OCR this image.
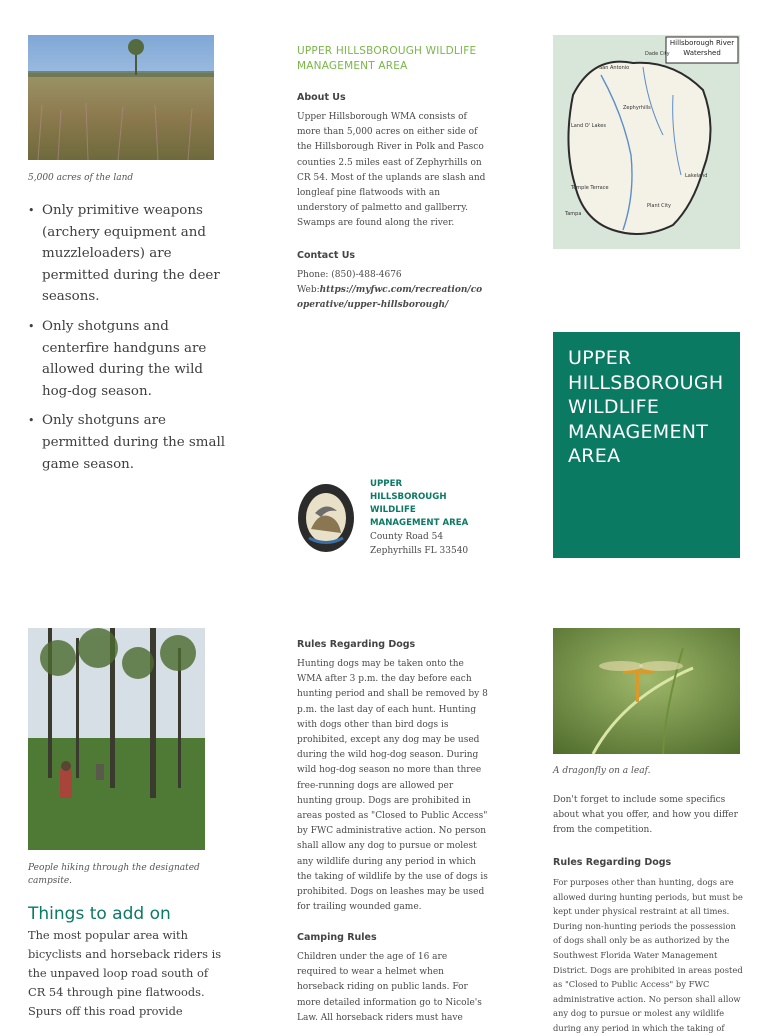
5,000 acres of the land
• Only primitive weapons (archery equipment and muzzleloaders) are permitted during the deer seasons.
• Only shotguns and centerfire handguns are allowed during the wild hog-dog season.
• Only shotguns are permitted during the small game season.
UPPER HILLSBOROUGH WILDLIFE MANAGEMENT AREA
About Us
Upper Hillsborough WMA consists of more than 5,000 acres on either side of the Hillsborough River in Polk and Pasco counties 2.5 miles east of Zephyrhills on CR 54. Most of the uplands are slash and longleaf pine flatwoods with an understory of palmetto and gallberry. Swamps are found along the river.
Contact Us
Phone: (850)-488-4676
Web:https://myfwc.com/recreation/cooperative/upper-hillsborough/
UPPER
HILLSBOROUGH
WILDLIFE
MANAGEMENT AREA
County Road 54
Zephyrhills FL 33540
Hillsborough River
Watershed
Dade City
San Antonio
Zephyrhills
Land O' Lakes
Lakeland
Temple Terrace
Tampa
Plant City
UPPER
HILLSBOROUGH
WILDLIFE
MANAGEMENT
AREA
People hiking through the designated campsite.
Things to add on
The most popular area with bicyclists and horseback riders is the unpaved loop road south of CR 54 through pine flatwoods. Spurs off this road provide
Rules Regarding Dogs
Hunting dogs may be taken onto the WMA after 3 p.m. the day before each hunting period and shall be removed by 8 p.m. the last day of each hunt. Hunting with dogs other than bird dogs is prohibited, except any dog may be used during the wild hog-dog season. During wild hog-dog season no more than three free-running dogs are allowed per hunting group. Dogs are prohibited in areas posted as "Closed to Public Access" by FWC administrative action. No person shall allow any dog to pursue or molest any wildlife during any period in which the taking of wildlife by the use of dogs is prohibited. Dogs on leashes may be used for trailing wounded game.
Camping Rules
Children under the age of 16 are required to wear a helmet when horseback riding on public lands. For more detailed information go to Nicole's Law. All horseback riders must have
A dragonfly on a leaf.
Don't forget to include some specifics about what you offer, and how you differ from the competition.
Rules Regarding Dogs
For purposes other than hunting, dogs are allowed during hunting periods, but must be kept under physical restraint at all times. During non-hunting periods the possession of dogs shall only be as authorized by the Southwest Florida Water Management District. Dogs are prohibited in areas posted as "Closed to Public Access" by FWC administrative action. No person shall allow any dog to pursue or molest any wildlife during any period in which the taking of
